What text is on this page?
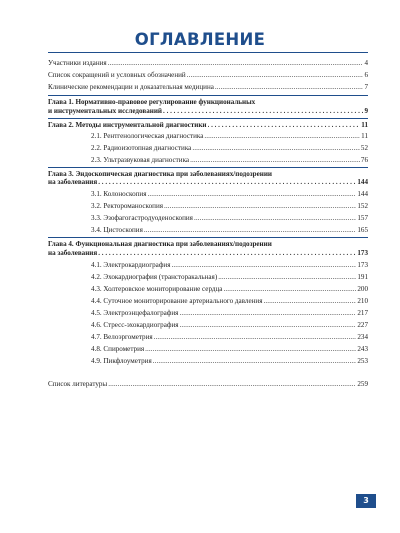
ОГЛАВЛЕНИЕ
Участники издания .....	4
Список сокращений и условных обозначений .....	6
Клинические рекомендации и доказательная медицина .....	7
Глава 1. Нормативно-правовое регулирование функциональных
и инструментальных исследований . . .	9
Глава 2. Методы инструментальной диагностики . . .	11
2.1. Рентгенологическая диагностика .....	11
2.2. Радиоизотопная диагностика .....	52
2.3. Ультразвуковая диагностика .....	76
Глава 3. Эндоскопическая диагностика при заболеваниях/подозрении
на заболевания . . .	144
3.1. Колоноскопия .....	144
3.2. Ректороманоскопия .....	152
3.3. Эзофагогастродуоденоскопия .....	157
3.4. Цистоскопия .....	165
Глава 4. Функциональная диагностика при заболеваниях/подозрении
на заболевания . . .	173
4.1. Электрокардиография .....	173
4.2. Эхокардиография (трансторакальная) .....	191
4.3. Холтеровское мониторирование сердца .....	200
4.4. Суточное мониторирование артериального давления .....	210
4.5. Электроэнцефалография .....	217
4.6. Стресс-эхокардиография .....	227
4.7. Велоэргометрия .....	234
4.8. Спирометрия .....	243
4.9. Пикфлоуметрия .....	253
Список литературы .....	259
3
